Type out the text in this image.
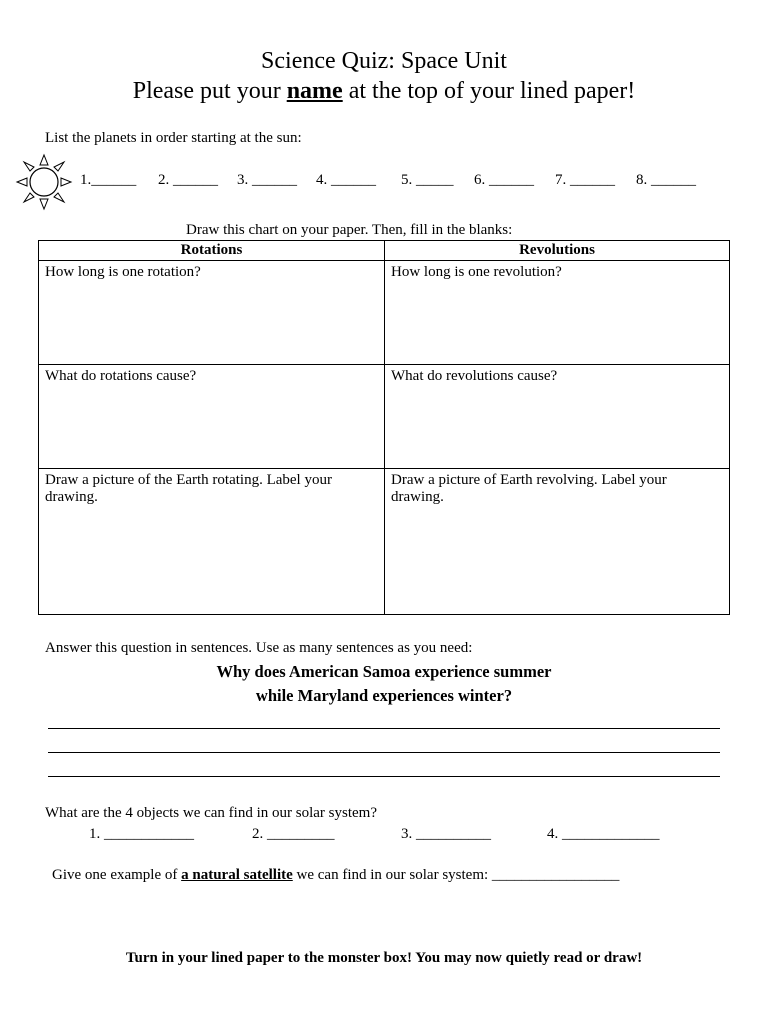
Science Quiz: Space Unit
Please put your name at the top of your lined paper!
List the planets in order starting at the sun:
1.______ 2. ______ 3. ______ 4. ______ 5. _____ 6. ______ 7. ______ 8. ______
Draw this chart on your paper. Then, fill in the blanks:
Rotations	Revolutions
How long is one rotation?	How long is one revolution?
What do rotations cause?	What do revolutions cause?
Draw a picture of the Earth rotating. Label your drawing.	Draw a picture of Earth revolving. Label your drawing.
Answer this question in sentences. Use as many sentences as you need:
Why does American Samoa experience summer
while Maryland experiences winter?
What are the 4 objects we can find in our solar system?
1. ____________	2. _________	3. __________	4. _____________
Give one example of a natural satellite we can find in our solar system: _________________
Turn in your lined paper to the monster box! You may now quietly read or draw!
